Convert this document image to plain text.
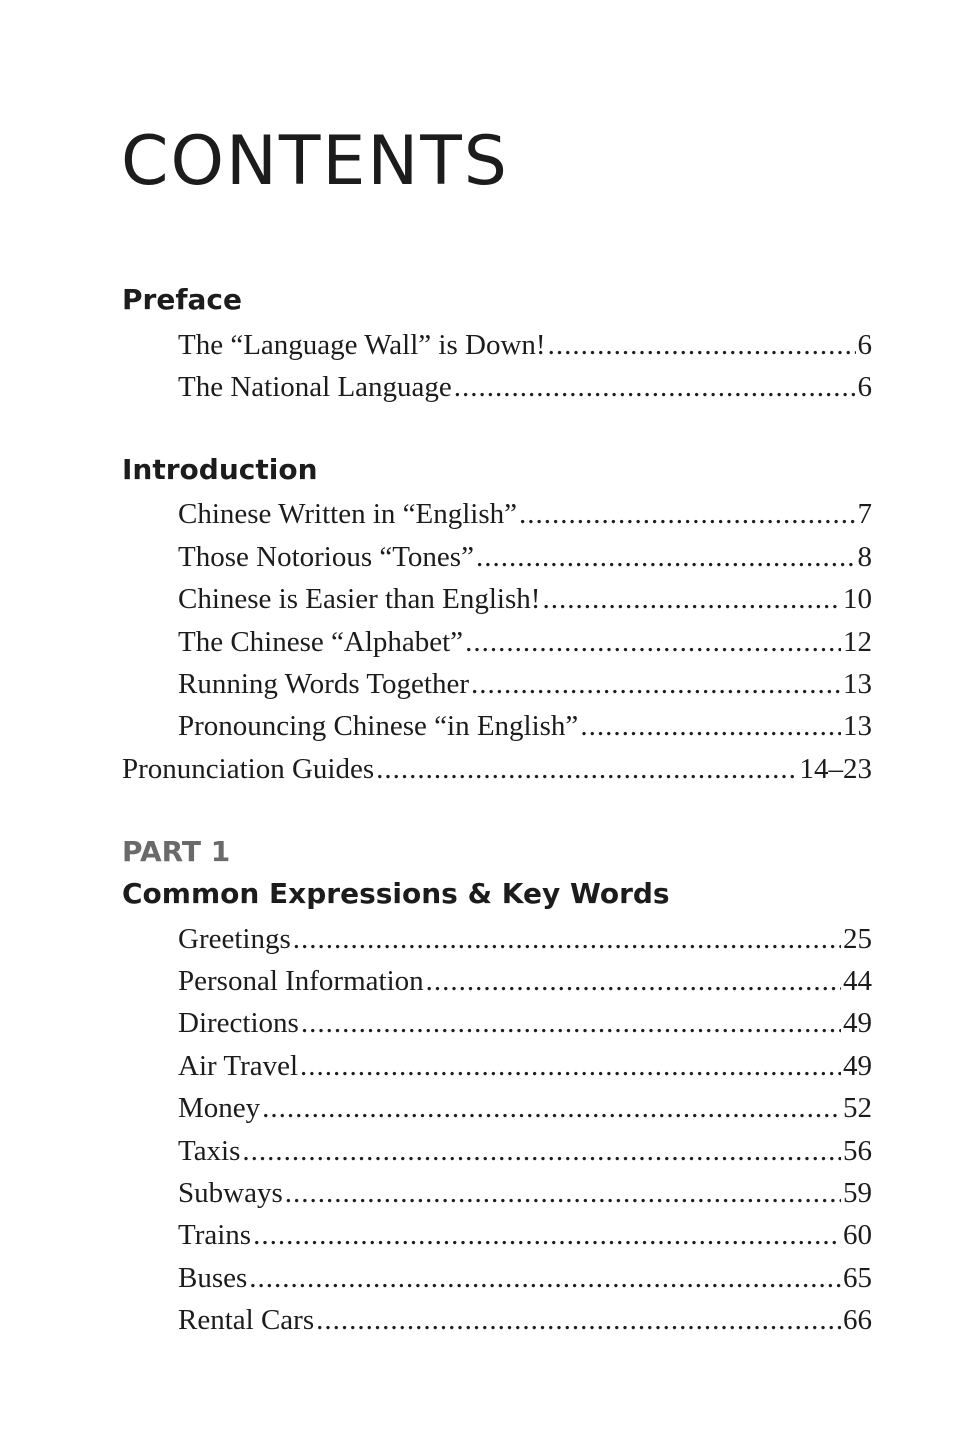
CONTENTS
Preface
The “Language Wall” is Down! .....	6
The National Language .....	6
Introduction
Chinese Written in “English” .....	7
Those Notorious “Tones” .....	8
Chinese is Easier than English! .....	10
The Chinese “Alphabet” .....	12
Running Words Together .....	13
Pronouncing Chinese “in English” .....	13
Pronunciation Guides .....	14–23
PART 1
Common Expressions & Key Words
Greetings .....	25
Personal Information .....	44
Directions .....	49
Air Travel .....	49
Money .....	52
Taxis .....	56
Subways .....	59
Trains .....	60
Buses .....	65
Rental Cars .....	66
